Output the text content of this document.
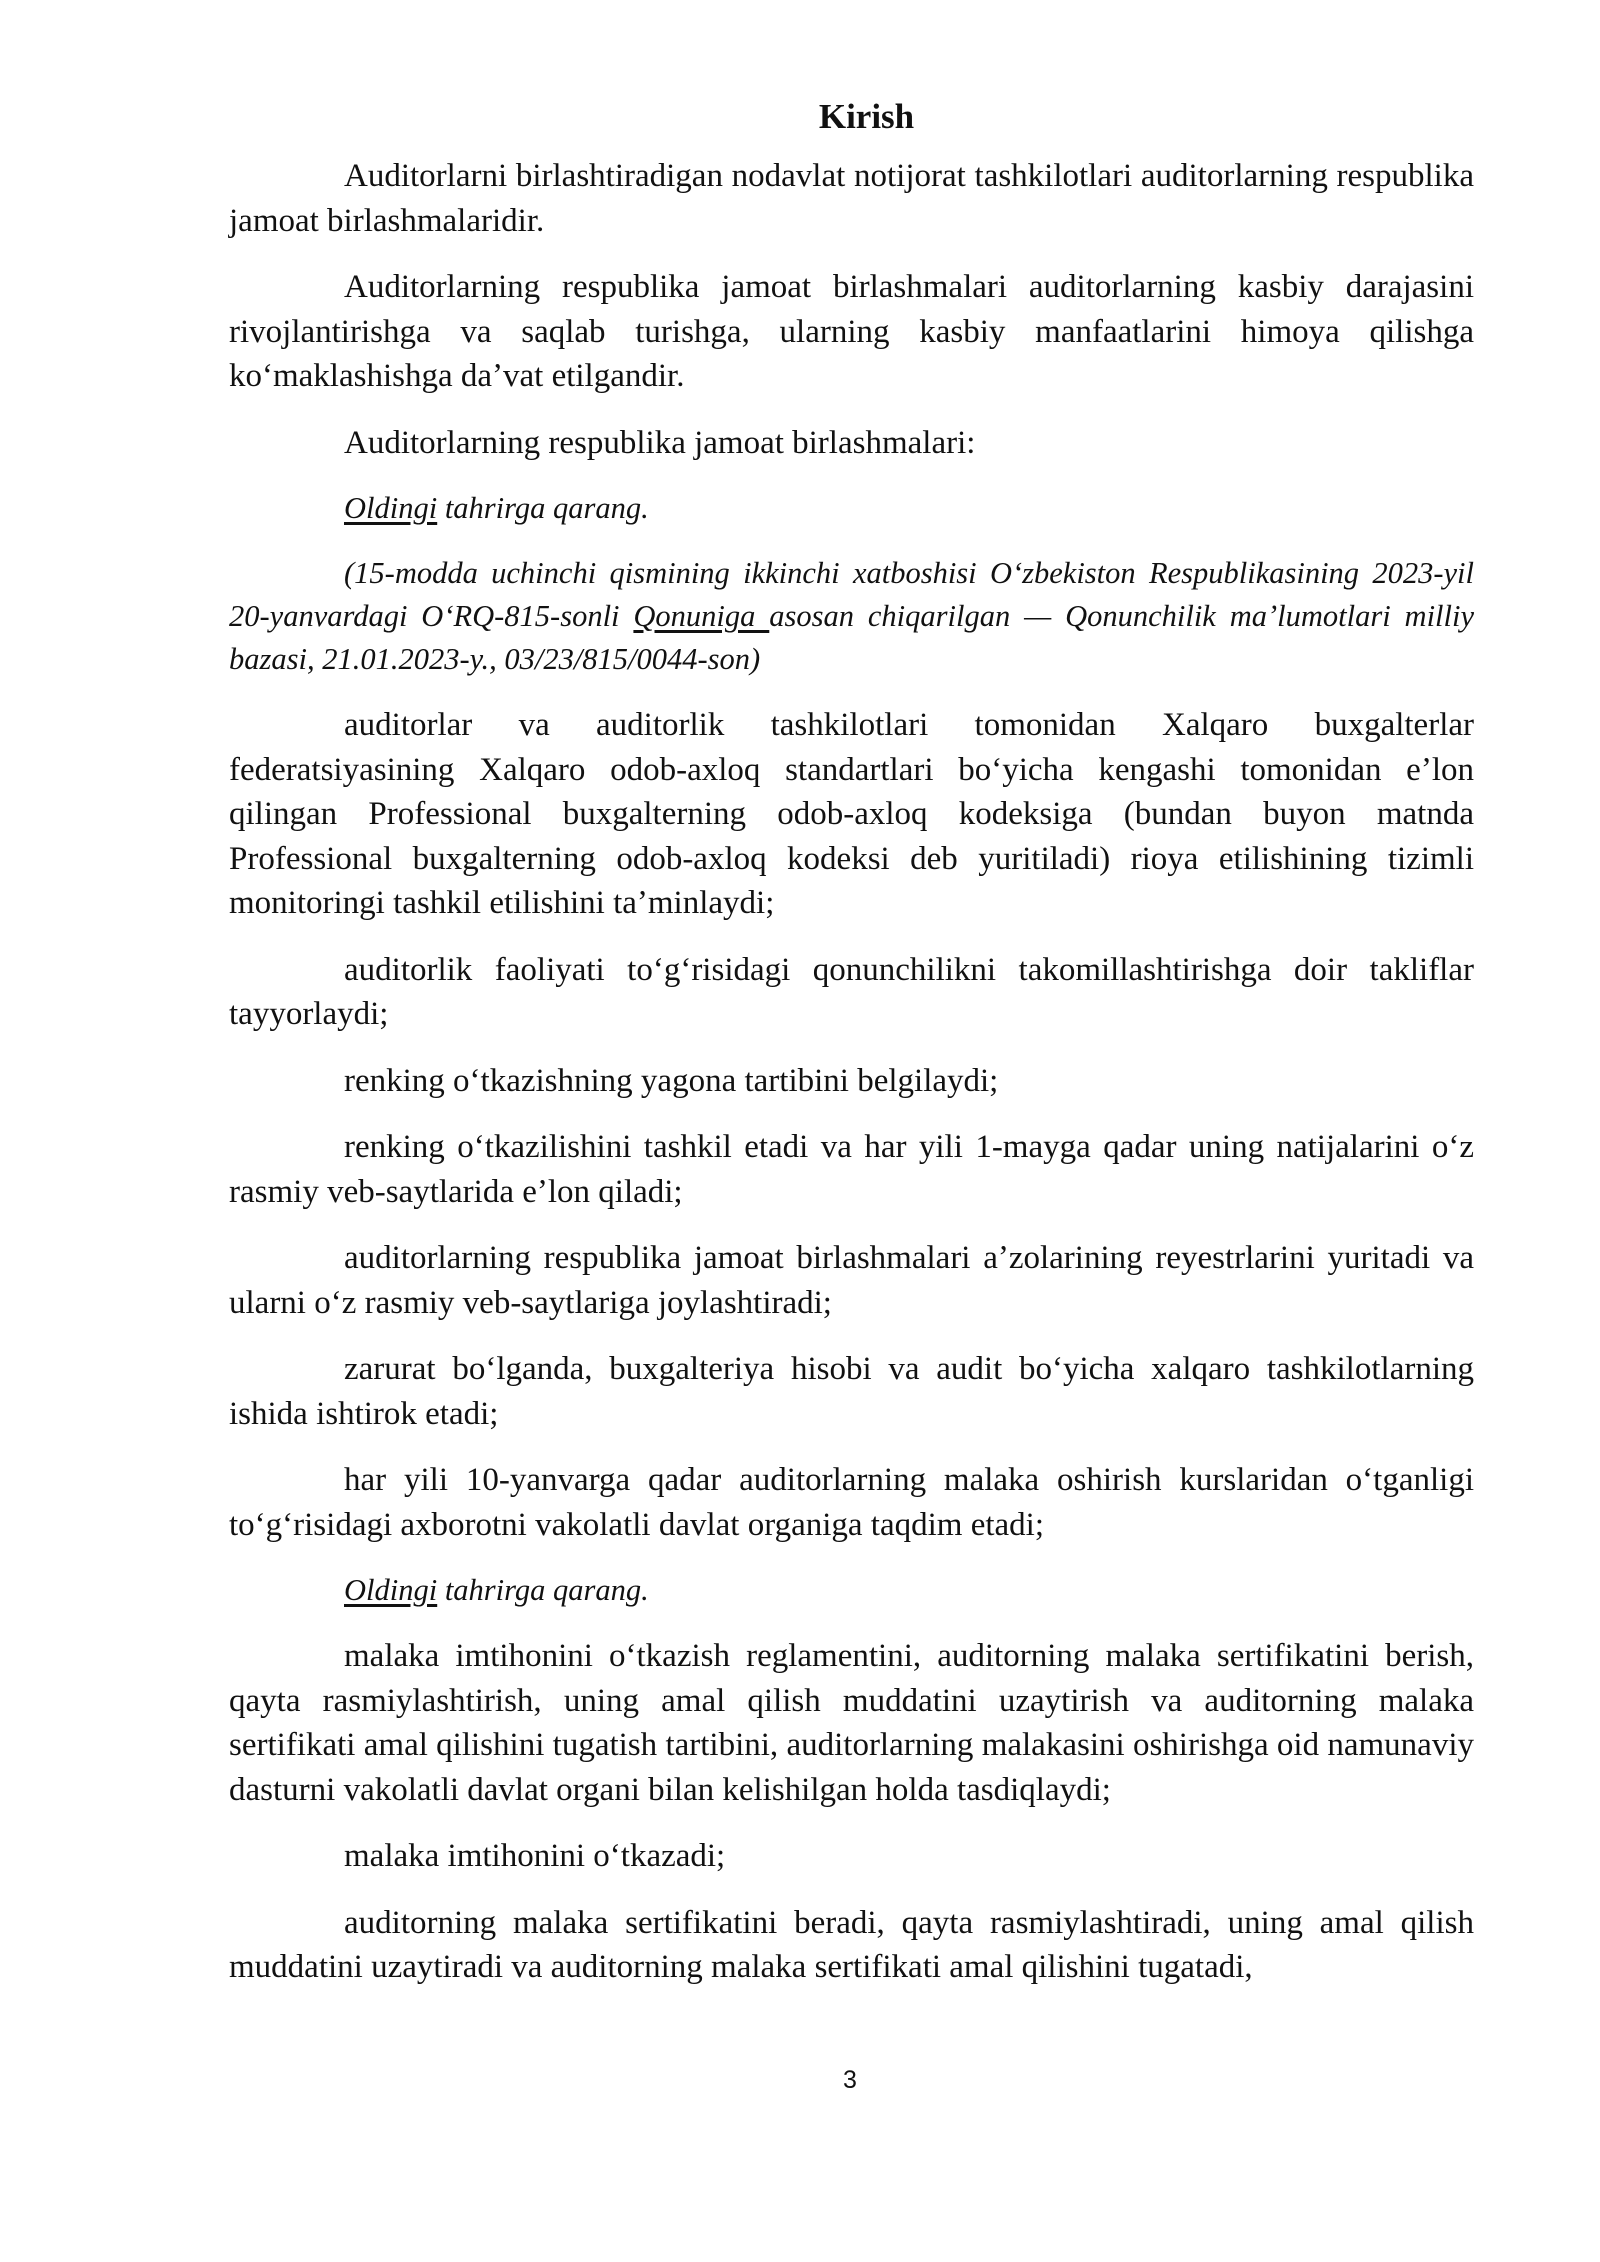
Kirish

Auditorlarni birlashtiradigan nodavlat notijorat tashkilotlari auditorlarning respublika jamoat birlashmalaridir.

Auditorlarning respublika jamoat birlashmalari auditorlarning kasbiy darajasini rivojlantirishga va saqlab turishga, ularning kasbiy manfaatlarini himoya qilishga koʻmaklashishga daʼvat etilgandir.

Auditorlarning respublika jamoat birlashmalari:

Oldingi tahrirga qarang.

(15-modda uchinchi qismining ikkinchi xatboshisi Oʻzbekiston Respublikasining 2023-yil 20-yanvardagi OʻRQ-815-sonli Qonuniga asosan chiqarilgan — Qonunchilik maʼlumotlari milliy bazasi, 21.01.2023-y., 03/23/815/0044-son)

auditorlar va auditorlik tashkilotlari tomonidan Xalqaro buxgalterlar federatsiyasining Xalqaro odob-axloq standartlari boʻyicha kengashi tomonidan eʼlon qilingan Professional buxgalterning odob-axloq kodeksiga (bundan buyon matnda Professional buxgalterning odob-axloq kodeksi deb yuritiladi) rioya etilishining tizimli monitoringi tashkil etilishini taʼminlaydi;

auditorlik faoliyati toʻgʻrisidagi qonunchilikni takomillashtirishga doir takliflar tayyorlaydi;

renking oʻtkazishning yagona tartibini belgilaydi;

renking oʻtkazilishini tashkil etadi va har yili 1-mayga qadar uning natijalarini oʻz rasmiy veb-saytlarida eʼlon qiladi;

auditorlarning respublika jamoat birlashmalari aʼzolarining reyestrlarini yuritadi va ularni oʻz rasmiy veb-saytlariga joylashtiradi;

zarurat boʻlganda, buxgalteriya hisobi va audit boʻyicha xalqaro tashkilotlarning ishida ishtirok etadi;

har yili 10-yanvarga qadar auditorlarning malaka oshirish kurslaridan oʻtganligi toʻgʻrisidagi axborotni vakolatli davlat organiga taqdim etadi;

Oldingi tahrirga qarang.

malaka imtihonini oʻtkazish reglamentini, auditorning malaka sertifikatini berish, qayta rasmiylashtirish, uning amal qilish muddatini uzaytirish va auditorning malaka sertifikati amal qilishini tugatish tartibini, auditorlarning malakasini oshirishga oid namunaviy dasturni vakolatli davlat organi bilan kelishilgan holda tasdiqlaydi;

malaka imtihonini oʻtkazadi;

auditorning malaka sertifikatini beradi, qayta rasmiylashtiradi, uning amal qilish muddatini uzaytiradi va auditorning malaka sertifikati amal qilishini tugatadi,

3
